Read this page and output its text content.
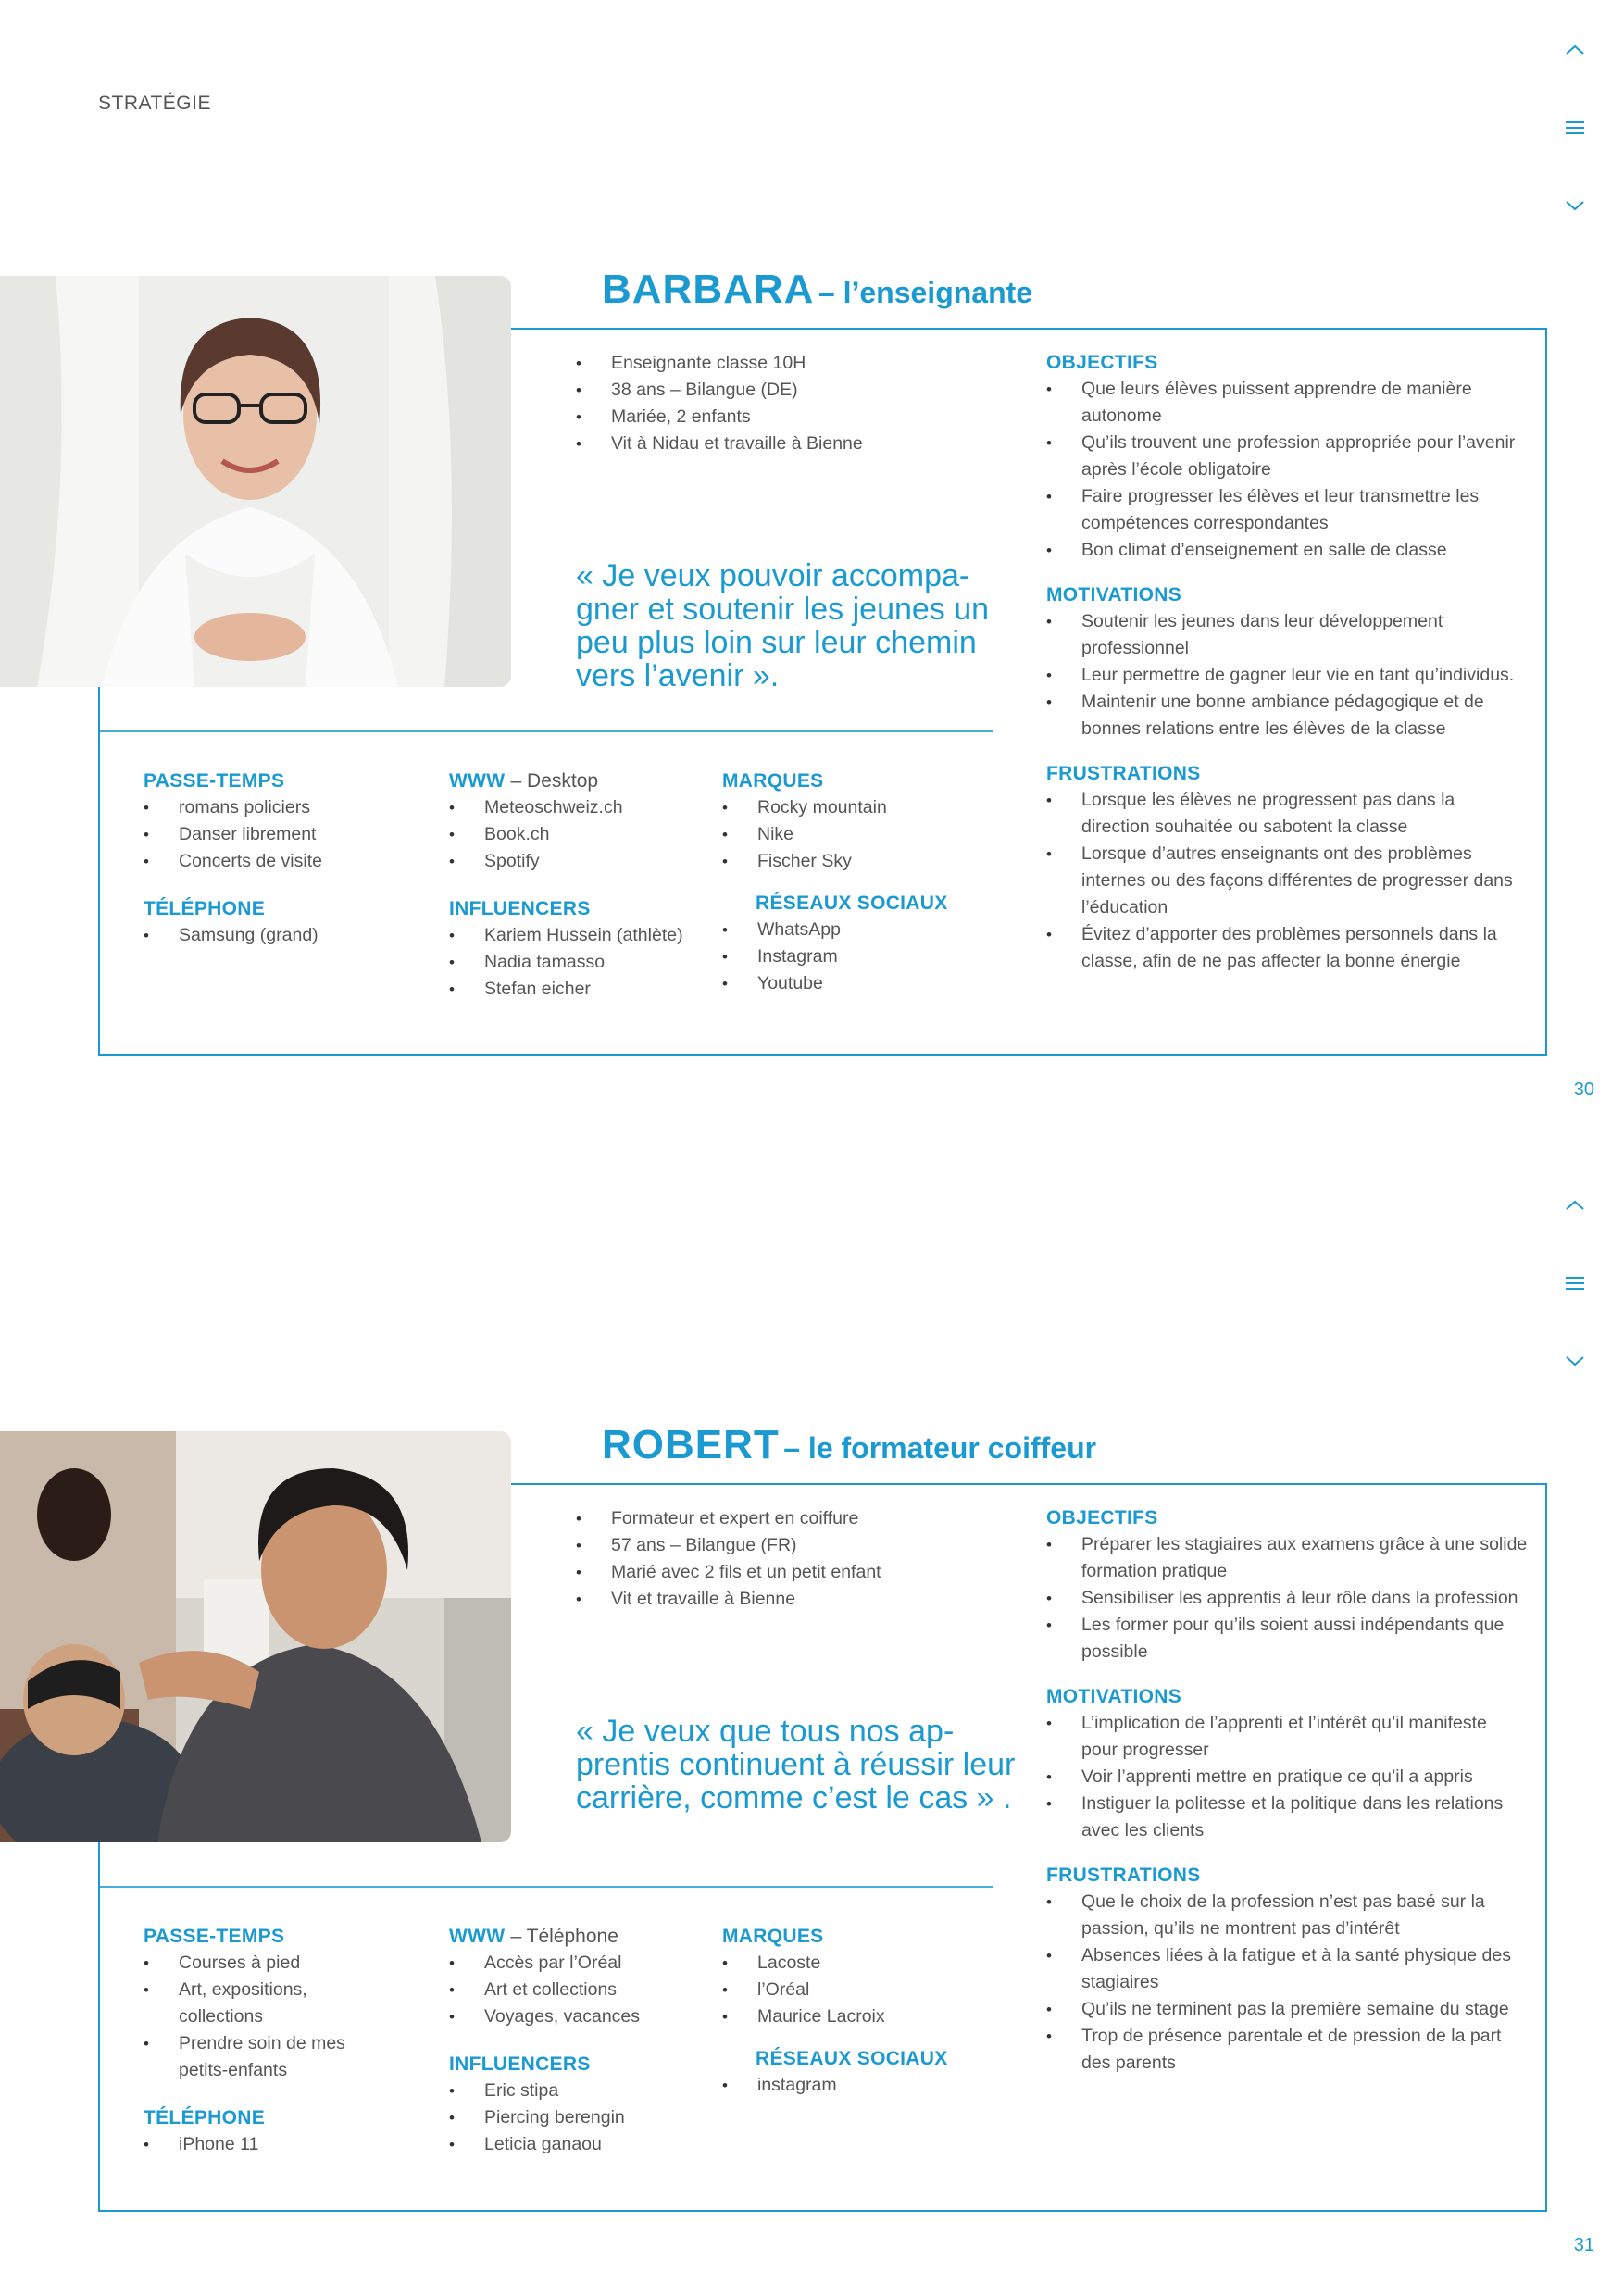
STRATÉGIE
BARBARA – l’enseignante
• Enseignante classe 10H
• 38 ans – Bilangue (DE)
• Mariée, 2 enfants
• Vit à Nidau et travaille à Bienne
« Je veux pouvoir accompa-gner et soutenir les jeunes un peu plus loin sur leur chemin vers l’avenir ».
OBJECTIFS
• Que leurs élèves puissent apprendre de manière autonome
• Qu’ils trouvent une profession appropriée pour l’avenir après l’école obligatoire
• Faire progresser les élèves et leur transmettre les compétences correspondantes
• Bon climat d’enseignement en salle de classe
MOTIVATIONS
• Soutenir les jeunes dans leur développement professionnel
• Leur permettre de gagner leur vie en tant qu’individus.
• Maintenir une bonne ambiance pédagogique et de bonnes relations entre les élèves de la classe
FRUSTRATIONS
• Lorsque les élèves ne progressent pas dans la direction souhaitée ou sabotent la classe
• Lorsque d’autres enseignants ont des problèmes internes ou des façons différentes de progresser dans l’éducation
• Évitez d’apporter des problèmes personnels dans la classe, afin de ne pas affecter la bonne énergie
PASSE-TEMPS
• romans policiers
• Danser librement
• Concerts de visite
TÉLÉPHONE
• Samsung (grand)
WWW – Desktop
• Meteoschweiz.ch
• Book.ch
• Spotify
INFLUENCERS
• Kariem Hussein (athlète)
• Nadia tamasso
• Stefan eicher
MARQUES
• Rocky mountain
• Nike
• Fischer Sky
RÉSEAUX SOCIAUX
• WhatsApp
• Instagram
• Youtube
30
ROBERT – le formateur coiffeur
• Formateur et expert en coiffure
• 57 ans – Bilangue (FR)
• Marié avec 2 fils et un petit enfant
• Vit et travaille à Bienne
« Je veux que tous nos ap-prentis continuent à réussir leur carrière, comme c’est le cas » .
OBJECTIFS
• Préparer les stagiaires aux examens grâce à une solide formation pratique
• Sensibiliser les apprentis à leur rôle dans la profession
• Les former pour qu’ils soient aussi indépendants que possible
MOTIVATIONS
• L’implication de l’apprenti et l’intérêt qu’il manifeste pour progresser
• Voir l’apprenti mettre en pratique ce qu’il a appris
• Instiguer la politesse et la politique dans les relations avec les clients
FRUSTRATIONS
• Que le choix de la profession n’est pas basé sur la passion, qu’ils ne montrent pas d’intérêt
• Absences liées à la fatigue et à la santé physique des stagiaires
• Qu’ils ne terminent pas la première semaine du stage
• Trop de présence parentale et de pression de la part des parents
PASSE-TEMPS
• Courses à pied
• Art, expositions, collections
• Prendre soin de mes petits-enfants
TÉLÉPHONE
• iPhone 11
WWW – Téléphone
• Accès par l’Oréal
• Art et collections
• Voyages, vacances
INFLUENCERS
• Eric stipa
• Piercing berengin
• Leticia ganaou
MARQUES
• Lacoste
• l’Oréal
• Maurice Lacroix
RÉSEAUX SOCIAUX
• instagram
31
